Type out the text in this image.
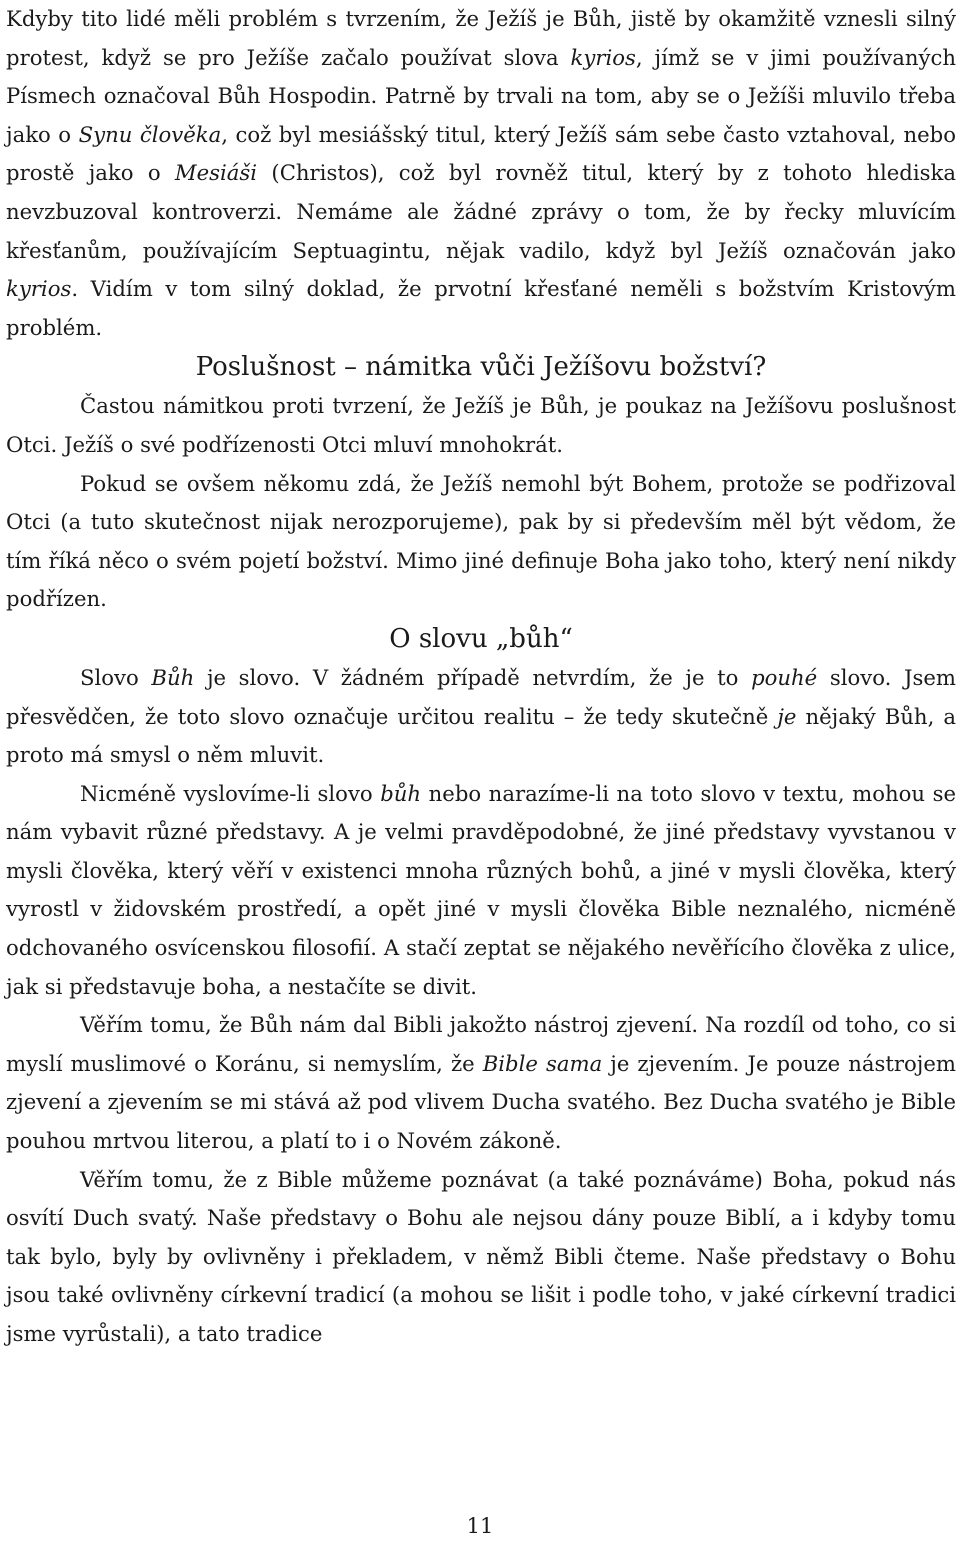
Kdyby tito lidé měli problém s tvrzením, že Ježíš je Bůh, jistě by okamžitě vznesli silný protest, když se pro Ježíše začalo používat slova kyrios, jímž se v jimi používaných Písmech označoval Bůh Hospodin. Patrně by trvali na tom, aby se o Ježíši mluvilo třeba jako o Synu člověka, což byl mesiášský titul, který Ježíš sám sebe často vztahoval, nebo prostě jako o Mesiáši (Christos), což byl rovněž titul, který by z tohoto hlediska nevzbuzoval kontroverzi. Nemáme ale žádné zprávy o tom, že by řecky mluvícím křesťanům, používajícím Septuagintu, nějak vadilo, když byl Ježíš označován jako kyrios. Vidím v tom silný doklad, že prvotní křesťané neměli s božstvím Kristovým problém.

Poslušnost – námitka vůči Ježíšovu božství?

Častou námitkou proti tvrzení, že Ježíš je Bůh, je poukaz na Ježíšovu poslušnost Otci. Ježíš o své podřízenosti Otci mluví mnohokrát.

Pokud se ovšem někomu zdá, že Ježíš nemohl být Bohem, protože se podřizoval Otci (a tuto skutečnost nijak nerozporujeme), pak by si především měl být vědom, že tím říká něco o svém pojetí božství. Mimo jiné definuje Boha jako toho, který není nikdy podřízen.

O slovu „bůh“

Slovo Bůh je slovo. V žádném případě netvrdím, že je to pouhé slovo. Jsem přesvědčen, že toto slovo označuje určitou realitu – že tedy skutečně je nějaký Bůh, a proto má smysl o něm mluvit.

Nicméně vyslovíme-li slovo bůh nebo narazíme-li na toto slovo v textu, mohou se nám vybavit různé představy. A je velmi pravděpodobné, že jiné představy vyvstanou v mysli člověka, který věří v existenci mnoha různých bohů, a jiné v mysli člověka, který vyrostl v židovském prostředí, a opět jiné v mysli člověka Bible neznalého, nicméně odchovaného osvícenskou filosofií. A stačí zeptat se nějakého nevěřícího člověka z ulice, jak si představuje boha, a nestačíte se divit.

Věřím tomu, že Bůh nám dal Bibli jakožto nástroj zjevení. Na rozdíl od toho, co si myslí muslimové o Koránu, si nemyslím, že Bible sama je zjevením. Je pouze nástrojem zjevení a zjevením se mi stává až pod vlivem Ducha svatého. Bez Ducha svatého je Bible pouhou mrtvou literou, a platí to i o Novém zákoně.

Věřím tomu, že z Bible můžeme poznávat (a také poznáváme) Boha, pokud nás osvítí Duch svatý. Naše představy o Bohu ale nejsou dány pouze Biblí, a i kdyby tomu tak bylo, byly by ovlivněny i překladem, v němž Bibli čteme. Naše představy o Bohu jsou také ovlivněny církevní tradicí (a mohou se lišit i podle toho, v jaké církevní tradici jsme vyrůstali), a tato tradice

11
